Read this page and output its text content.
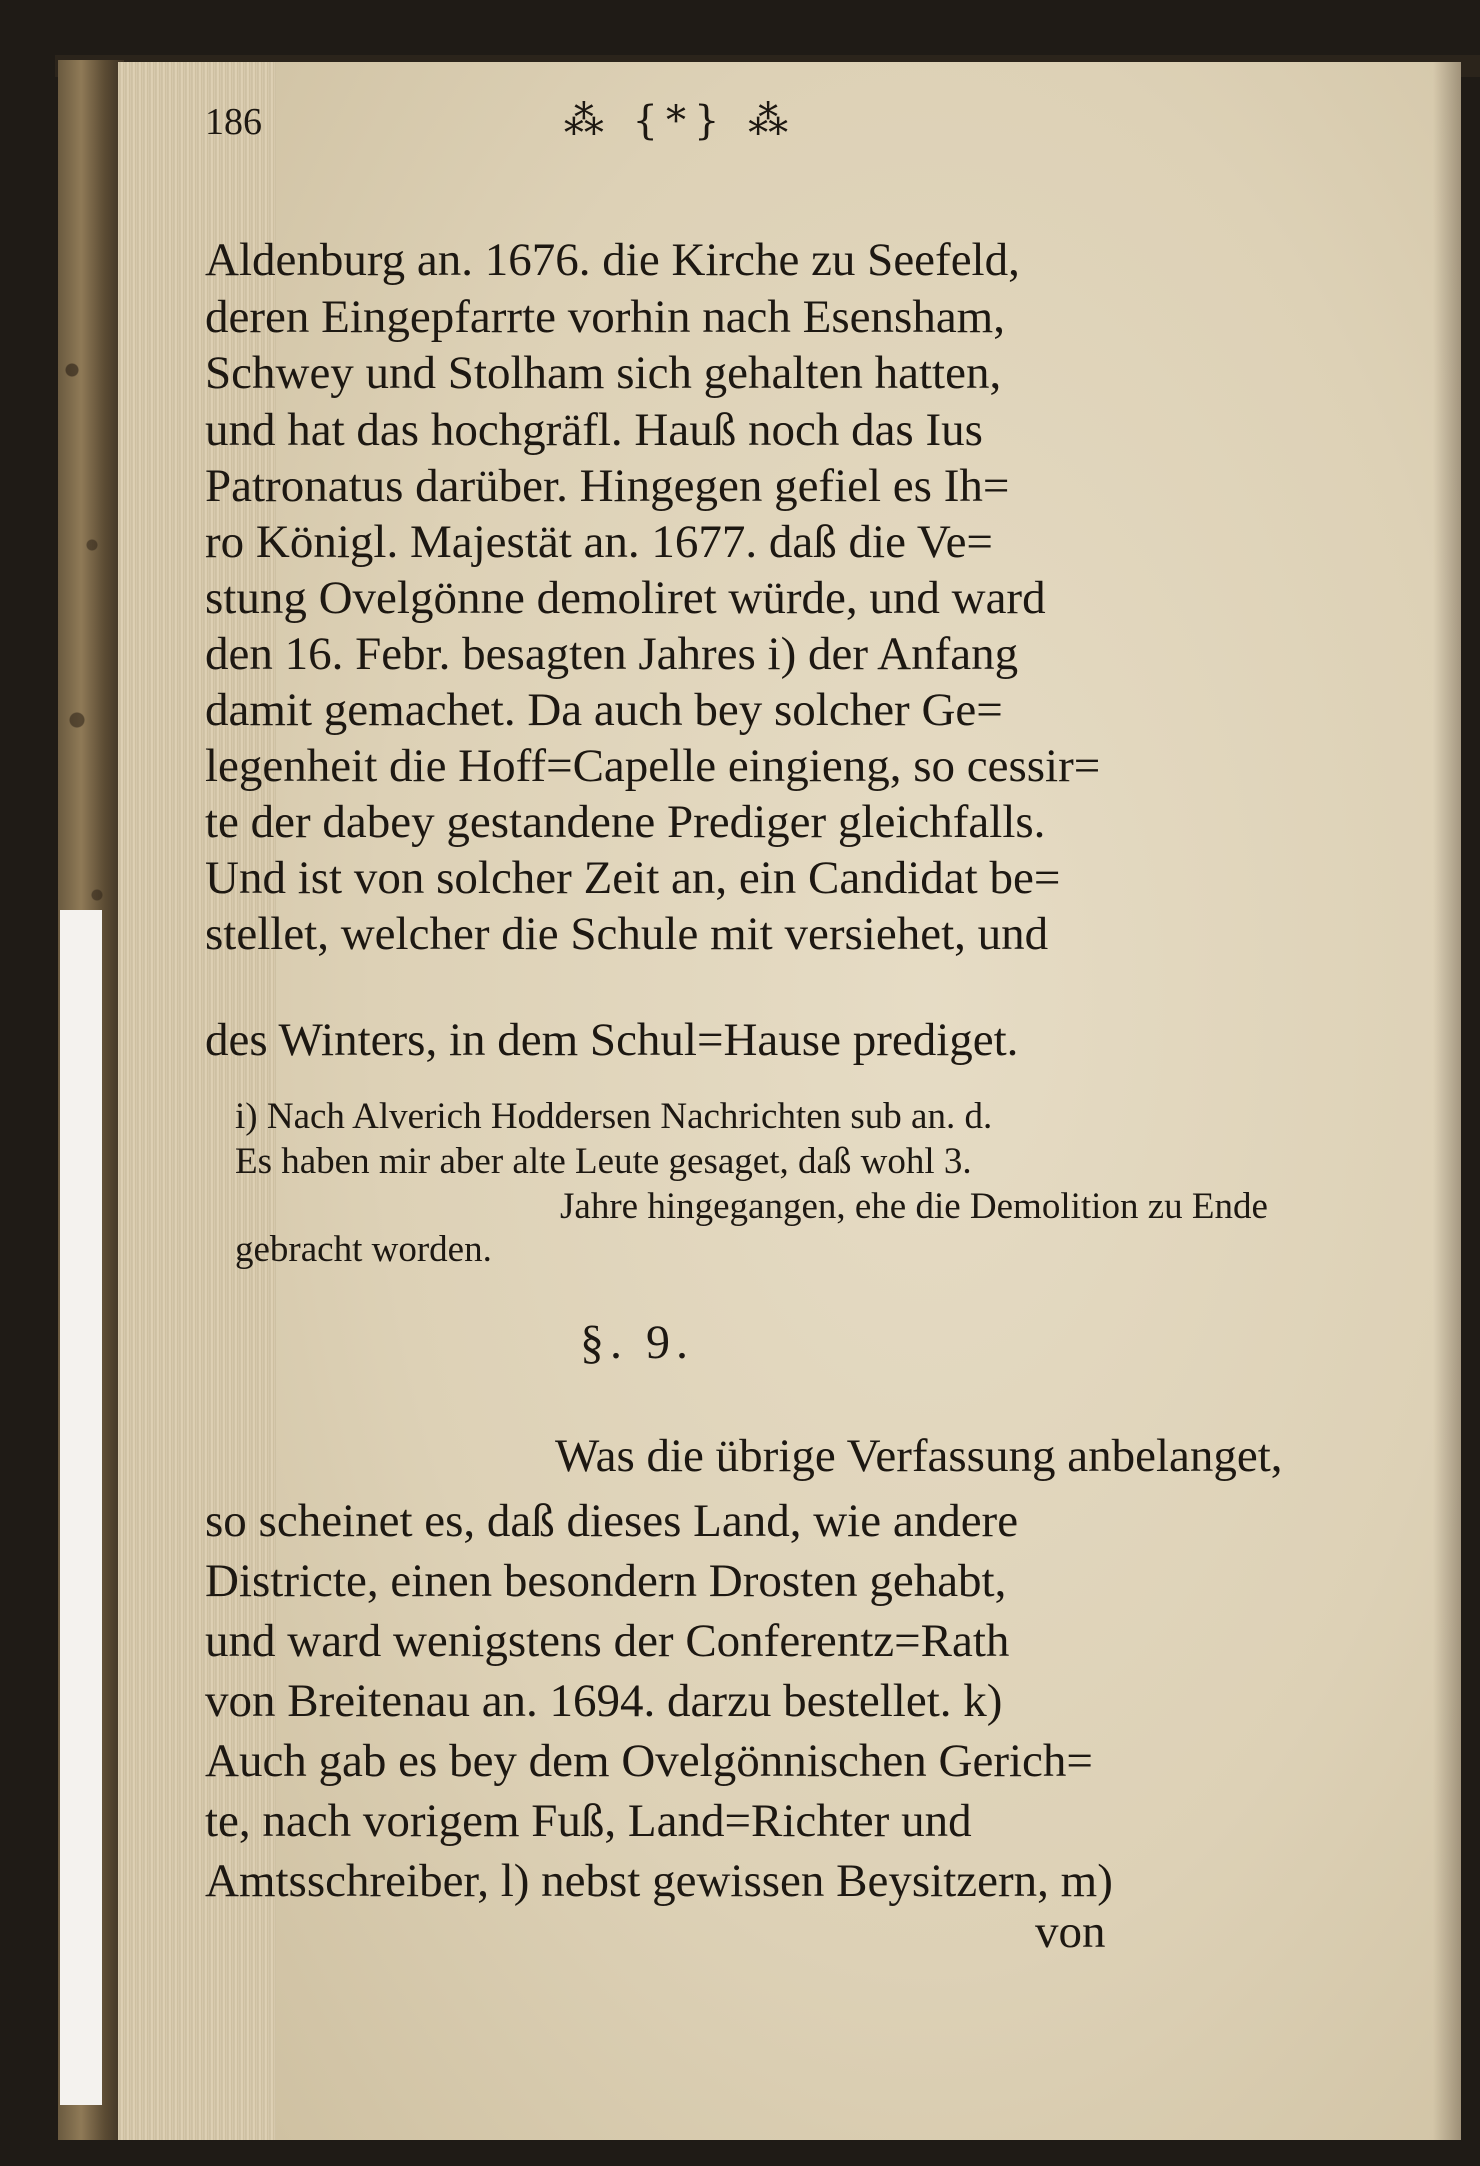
186	⁂ {*} ⁂
Aldenburg an. 1676. die Kirche zu Seefeld,
deren Eingepfarrte vorhin nach Esensham,
Schwey und Stolham sich gehalten hatten,
und hat das hochgräfl. Hauß noch das Ius
Patronatus darüber. Hingegen gefiel es Ih=
ro Königl. Majestät an. 1677. daß die Ve=
stung Ovelgönne demoliret würde, und ward
den 16. Febr. besagten Jahres i) der Anfang
damit gemachet. Da auch bey solcher Ge=
legenheit die Hoff=Capelle eingieng, so cessir=
te der dabey gestandene Prediger gleichfalls.
Und ist von solcher Zeit an, ein Candidat be=
stellet, welcher die Schule mit versiehet, und
des Winters, in dem Schul=Hause prediget.
i) Nach Alverich Hoddersen Nachrichten sub an. d.
Es haben mir aber alte Leute gesaget, daß wohl 3.
Jahre hingegangen, ehe die Demolition zu Ende
gebracht worden.
§. 9.
Was die übrige Verfassung anbelanget,
so scheinet es, daß dieses Land, wie andere
Districte, einen besondern Drosten gehabt,
und ward wenigstens der Conferentz=Rath
von Breitenau an. 1694. darzu bestellet. k)
Auch gab es bey dem Ovelgönnischen Gerich=
te, nach vorigem Fuß, Land=Richter und
Amtsschreiber, l) nebst gewissen Beysitzern, m)
von
